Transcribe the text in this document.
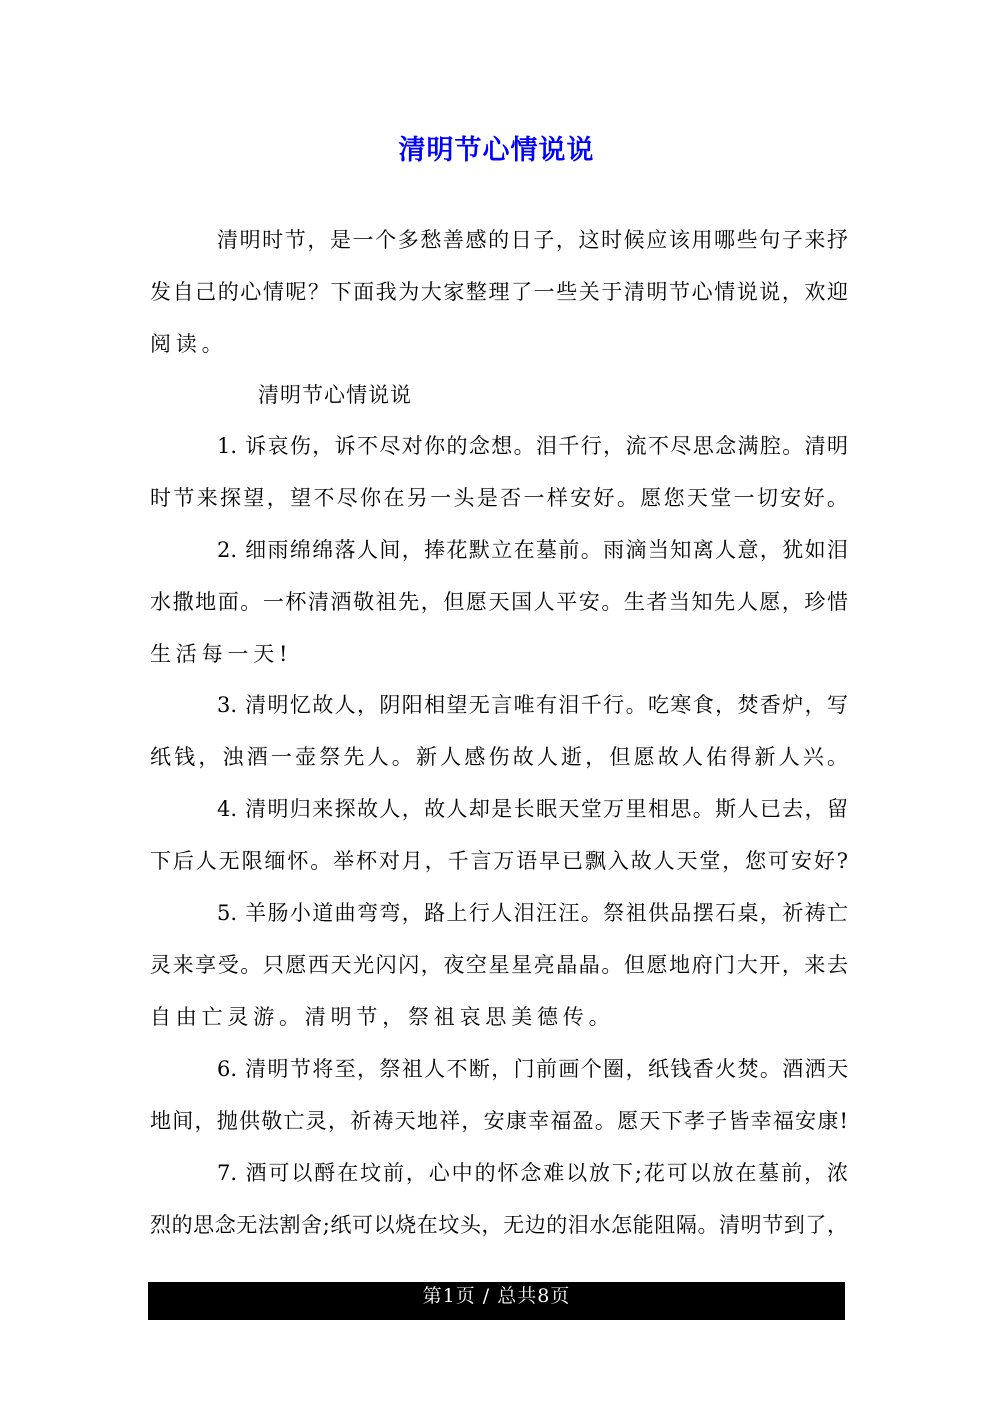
清明节心情说说
清明时节，是一个多愁善感的日子，这时候应该用哪些句子来抒
发自己的心情呢？下面我为大家整理了一些关于清明节心情说说，欢迎
阅读。
清明节心情说说
1. 诉哀伤，诉不尽对你的念想。泪千行，流不尽思念满腔。清明
时节来探望，望不尽你在另一头是否一样安好。愿您天堂一切安好。
2. 细雨绵绵落人间，捧花默立在墓前。雨滴当知离人意，犹如泪
水撒地面。一杯清酒敬祖先，但愿天国人平安。生者当知先人愿，珍惜
生活每一天!
3. 清明忆故人，阴阳相望无言唯有泪千行。吃寒食，焚香炉，写
纸钱，浊酒一壶祭先人。新人感伤故人逝，但愿故人佑得新人兴。
4. 清明归来探故人，故人却是长眠天堂万里相思。斯人已去，留
下后人无限缅怀。举杯对月，千言万语早已飘入故人天堂，您可安好?
5. 羊肠小道曲弯弯，路上行人泪汪汪。祭祖供品摆石桌，祈祷亡
灵来享受。只愿西天光闪闪，夜空星星亮晶晶。但愿地府门大开，来去
自由亡灵游。清明节，祭祖哀思美德传。
6. 清明节将至，祭祖人不断，门前画个圈，纸钱香火焚。酒洒天
地间，抛供敬亡灵，祈祷天地祥，安康幸福盈。愿天下孝子皆幸福安康!
7. 酒可以酹在坟前，心中的怀念难以放下;花可以放在墓前，浓
烈的思念无法割舍;纸可以烧在坟头，无边的泪水怎能阻隔。清明节到了，
第1页 / 总共8页
